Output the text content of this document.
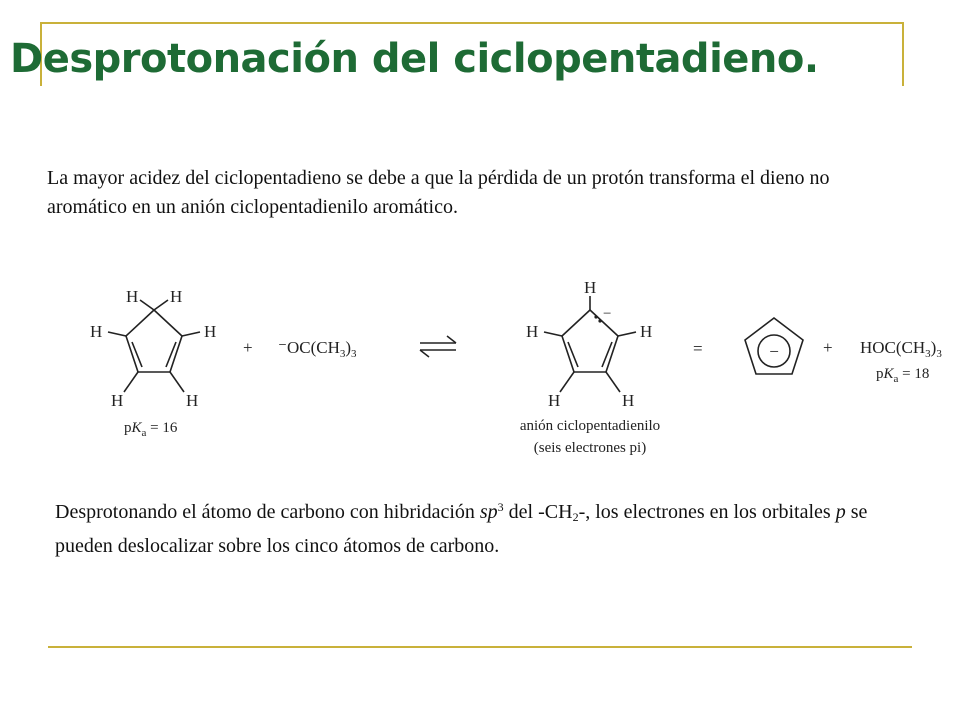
Desprotonación del ciclopentadieno.

La mayor acidez del ciclopentadieno se debe a que la pérdida de un protón transforma el dieno no aromático en un anión ciclopentadienilo aromático.

H H
H	H
H	H
$pK_a = 16$
+ $^-OC(CH_3)_3$
−
H
H	H
H	H
anión ciclopentadienilo
(seis electrones pi)
=	−	+ $HOC(CH_3)_3$
$pK_a = 18$

Desprotonando el átomo de carbono con hibridación $sp^3$ del $-CH_2-$, los electrones en los orbitales p se pueden deslocalizar sobre los cinco átomos de carbono.
